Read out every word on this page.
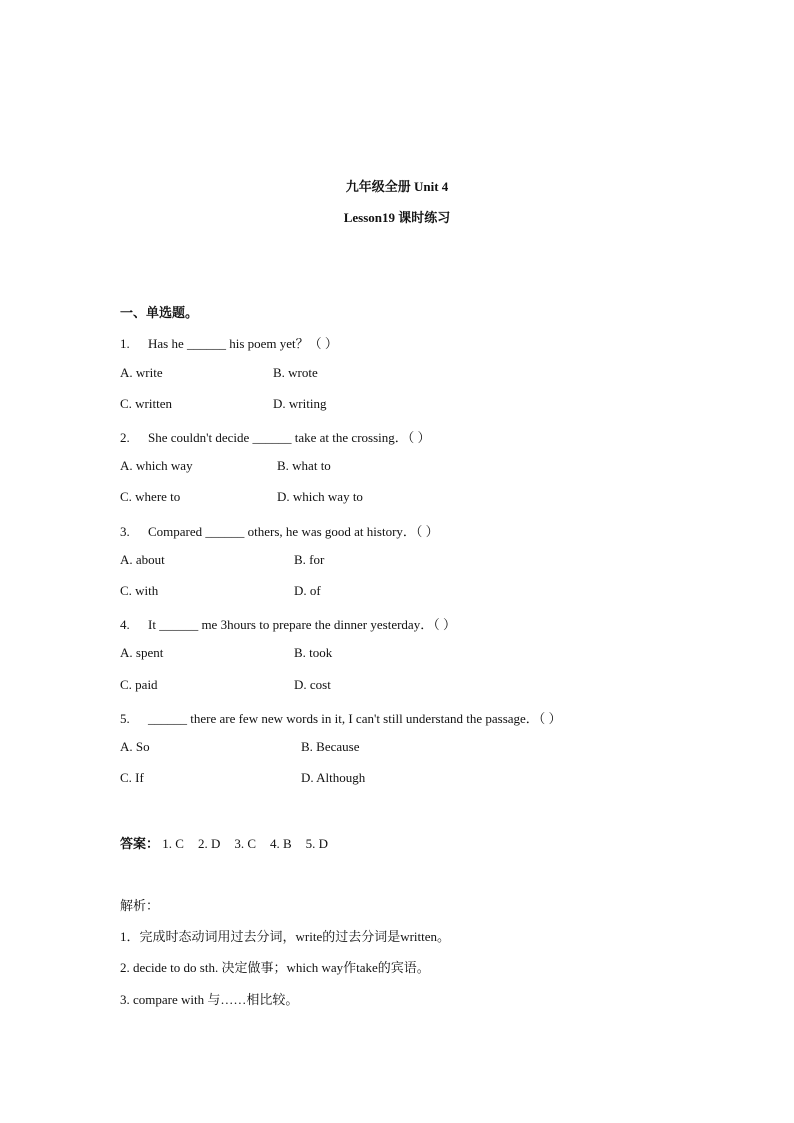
九年级全册 Unit 4
Lesson19 课时练习
一、单选题。
1. Has he ______ his poem yet？（ ）
A. write	B. wrote
C. written	D. writing
2. She couldn't decide ______ take at the crossing．（ ）
A. which way	B. what to
C. where to	D. which way to
3. Compared ______ others, he was good at history．（ ）
A. about	B. for
C. with	D. of
4. It ______ me 3hours to prepare the dinner yesterday．（ ）
A. spent	B. took
C. paid	D. cost
5. ______ there are few new words in it, I can't still understand the passage．（ ）
A. So	B. Because
C. If	D. Although
答案： 1. C 2. D 3. C 4. B 5. D
解析：
1．完成时态动词用过去分词，write的过去分词是written。
2. decide to do sth. 决定做事；which way作take的宾语。
3. compare with 与……相比较。
